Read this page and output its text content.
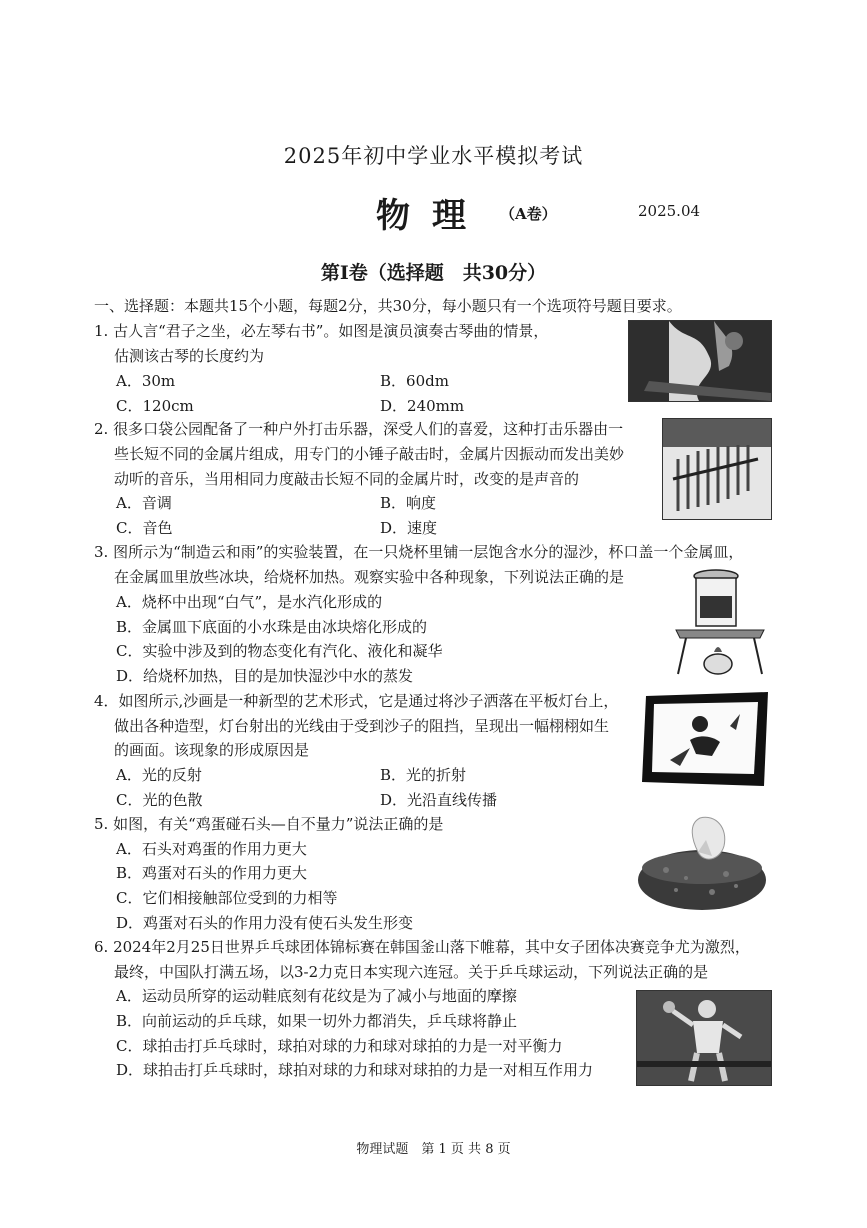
2025年初中学业水平模拟考试
物理 （A卷）	2025.04
第Ⅰ卷（选择题　共30分）
一、选择题：本题共15个小题，每题2分，共30分，每小题只有一个选项符号题目要求。
1. 古人言“君子之坐，必左琴右书”。如图是演员演奏古琴曲的情景，
估测该古琴的长度约为
A．30m	B．60dm
C．120cm	D．240mm
2. 很多口袋公园配备了一种户外打击乐器，深受人们的喜爱，这种打击乐器由一
些长短不同的金属片组成，用专门的小锤子敲击时，金属片因振动而发出美妙
动听的音乐，当用相同力度敲击长短不同的金属片时，改变的是声音的
A．音调	B．响度
C．音色	D．速度
3. 图所示为“制造云和雨”的实验装置，在一只烧杯里铺一层饱含水分的湿沙，杯口盖一个金属皿，
在金属皿里放些冰块，给烧杯加热。观察实验中各种现象，下列说法正确的是
A．烧杯中出现“白气”，是水汽化形成的
B．金属皿下底面的小水珠是由冰块熔化形成的
C．实验中涉及到的物态变化有汽化、液化和凝华
D．给烧杯加热，目的是加快湿沙中水的蒸发
4．如图所示,沙画是一种新型的艺术形式，它是通过将沙子洒落在平板灯台上，
做出各种造型，灯台射出的光线由于受到沙子的阻挡，呈现出一幅栩栩如生
的画面。该现象的形成原因是
A．光的反射	B．光的折射
C．光的色散	D．光沿直线传播
5. 如图，有关“鸡蛋碰石头—自不量力”说法正确的是
A．石头对鸡蛋的作用力更大
B．鸡蛋对石头的作用力更大
C．它们相接触部位受到的力相等
D．鸡蛋对石头的作用力没有使石头发生形变
6. 2024年2月25日世界乒乓球团体锦标赛在韩国釜山落下帷幕，其中女子团体决赛竞争尤为激烈，
最终，中国队打满五场，以3-2力克日本实现六连冠。关于乒乓球运动，下列说法正确的是
A．运动员所穿的运动鞋底刻有花纹是为了减小与地面的摩擦
B．向前运动的乒乓球，如果一切外力都消失，乒乓球将静止
C．球拍击打乒乓球时，球拍对球的力和球对球拍的力是一对平衡力
D．球拍击打乒乓球时，球拍对球的力和球对球拍的力是一对相互作用力
物理试题　第 1 页 共 8 页
